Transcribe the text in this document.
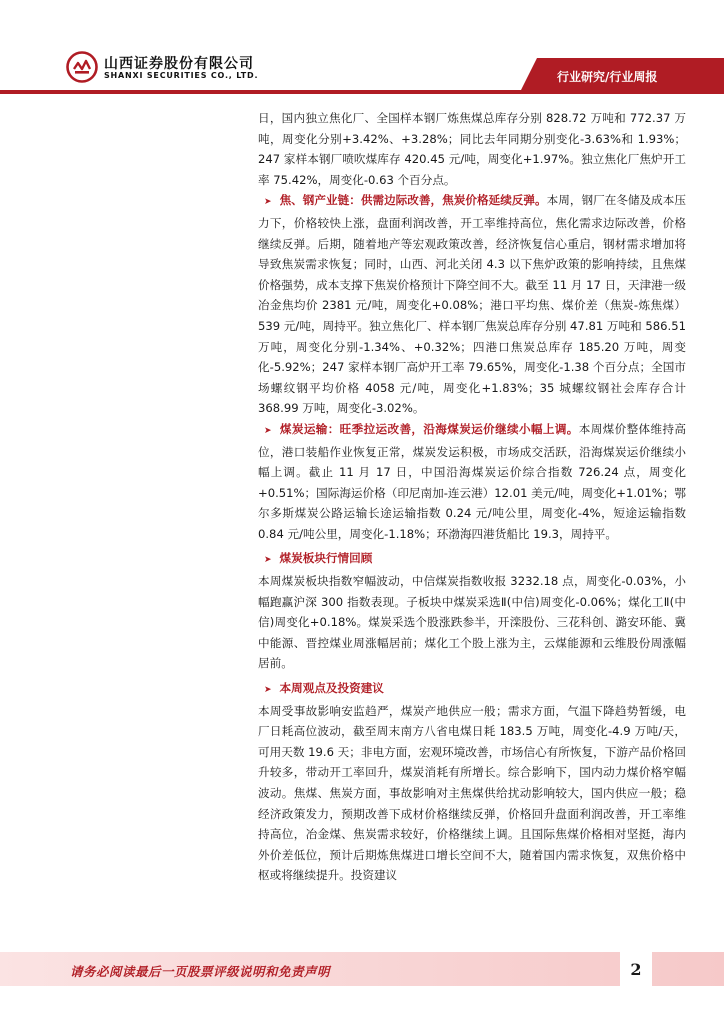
山西证券股份有限公司
SHANXI SECURITIES CO., LTD.	行业研究/行业周报

日，国内独立焦化厂、全国样本钢厂炼焦煤总库存分别 828.72 万吨和 772.37 万吨，周变化分别+3.42%、+3.28%；同比去年同期分别变化-3.63%和 1.93%；247 家样本钢厂喷吹煤库存 420.45 元/吨，周变化+1.97%。独立焦化厂焦炉开工率 75.42%，周变化-0.63 个百分点。

➤ 焦、钢产业链：供需边际改善，焦炭价格延续反弹。本周，钢厂在冬储及成本压力下，价格较快上涨，盘面利润改善，开工率维持高位，焦化需求边际改善，价格继续反弹。后期，随着地产等宏观政策改善，经济恢复信心重启，钢材需求增加将导致焦炭需求恢复；同时，山西、河北关闭 4.3 以下焦炉政策的影响持续，且焦煤价格强势，成本支撑下焦炭价格预计下降空间不大。截至 11 月 17 日，天津港一级冶金焦均价 2381 元/吨，周变化+0.08%；港口平均焦、煤价差（焦炭-炼焦煤）539 元/吨，周持平。独立焦化厂、样本钢厂焦炭总库存分别 47.81 万吨和 586.51 万吨，周变化分别-1.34%、+0.32%；四港口焦炭总库存 185.20 万吨，周变化-5.92%；247 家样本钢厂高炉开工率 79.65%，周变化-1.38 个百分点；全国市场螺纹钢平均价格 4058 元/吨，周变化+1.83%；35 城螺纹钢社会库存合计 368.99 万吨，周变化-3.02%。

➤ 煤炭运输：旺季拉运改善，沿海煤炭运价继续小幅上调。本周煤价整体维持高位，港口装船作业恢复正常，煤炭发运积极，市场成交活跃，沿海煤炭运价继续小幅上调。截止 11 月 17 日，中国沿海煤炭运价综合指数 726.24 点，周变化+0.51%；国际海运价格（印尼南加-连云港）12.01 美元/吨，周变化+1.01%；鄂尔多斯煤炭公路运输长途运输指数 0.24 元/吨公里，周变化-4%，短途运输指数 0.84 元/吨公里，周变化-1.18%；环渤海四港货船比 19.3，周持平。

➤ 煤炭板块行情回顾

本周煤炭板块指数窄幅波动，中信煤炭指数收报 3232.18 点，周变化-0.03%，小幅跑赢沪深 300 指数表现。子板块中煤炭采选Ⅱ(中信)周变化-0.06%；煤化工Ⅱ(中信)周变化+0.18%。煤炭采选个股涨跌参半，开滦股份、三花科创、潞安环能、冀中能源、晋控煤业周涨幅居前；煤化工个股上涨为主，云煤能源和云维股份周涨幅居前。

➤ 本周观点及投资建议

本周受事故影响安监趋严，煤炭产地供应一般；需求方面，气温下降趋势暂缓，电厂日耗高位波动，截至周末南方八省电煤日耗 183.5 万吨，周变化-4.9 万吨/天，可用天数 19.6 天；非电方面，宏观环境改善，市场信心有所恢复，下游产品价格回升较多，带动开工率回升，煤炭消耗有所增长。综合影响下，国内动力煤价格窄幅波动。焦煤、焦炭方面，事故影响对主焦煤供给扰动影响较大，国内供应一般；稳经济政策发力，预期改善下成材价格继续反弹，价格回升盘面利润改善，开工率维持高位，冶金煤、焦炭需求较好，价格继续上调。且国际焦煤价格相对坚挺，海内外价差低位，预计后期炼焦煤进口增长空间不大，随着国内需求恢复，双焦价格中枢或将继续提升。投资建议

请务必阅读最后一页股票评级说明和免责声明	2
